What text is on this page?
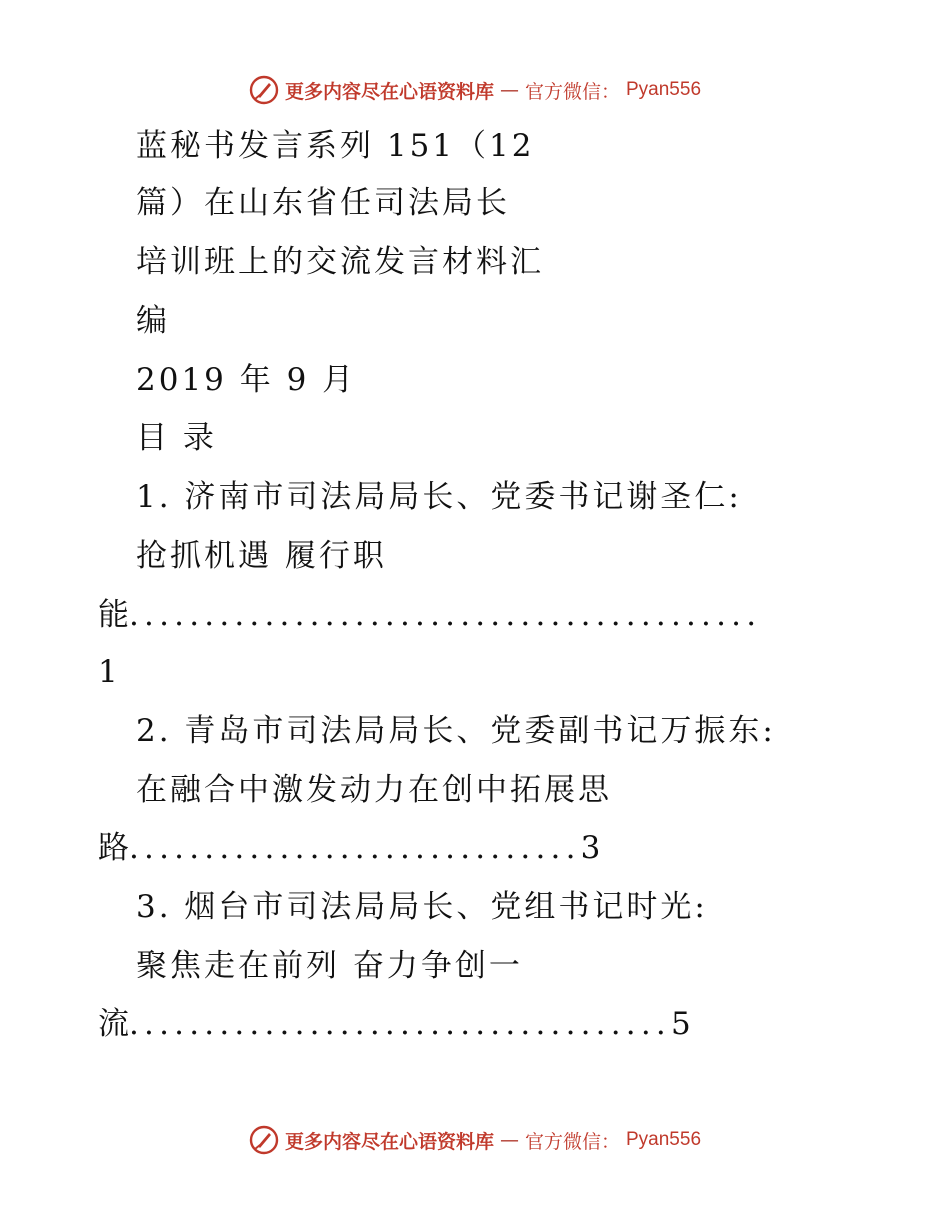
更多内容尽在心语资料库 — 官方微信： Pyan556
蓝秘书发言系列 151（12
篇）在山东省任司法局长
培训班上的交流发言材料汇
编
2019 年 9 月
目 录
1. 济南市司法局局长、党委书记谢圣仁:
抢抓机遇 履行职
能 ..........................................
1
2. 青岛市司法局局长、党委副书记万振东:
在融合中激发动力在创中拓展思
路 .............................. 3
3. 烟台市司法局局长、党组书记时光:
聚焦走在前列 奋力争创一
流 .................................... 5
更多内容尽在心语资料库 — 官方微信： Pyan556
